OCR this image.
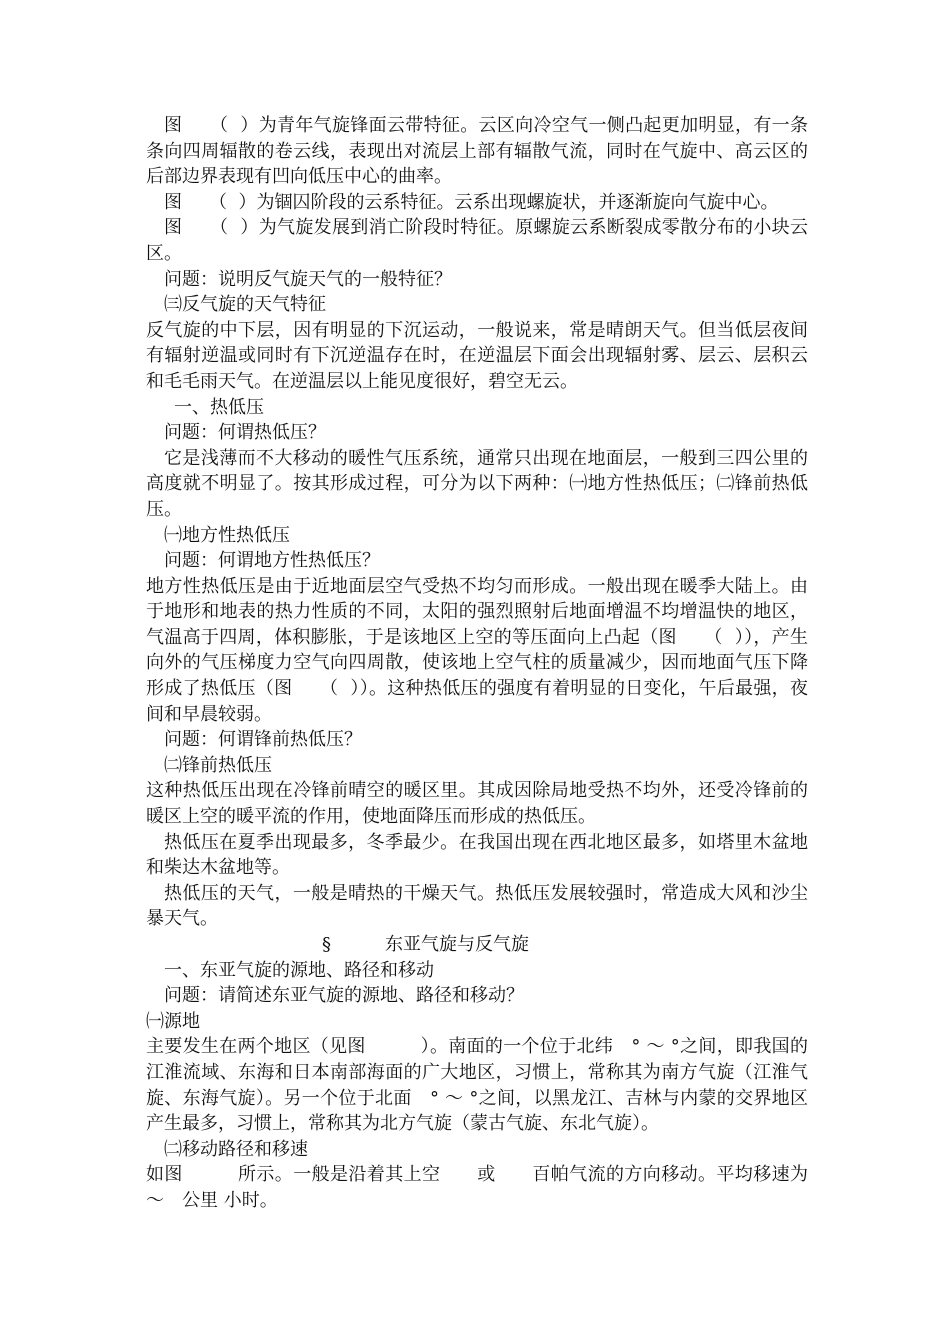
图　　（  ）为青年气旋锋面云带特征。云区向冷空气一侧凸起更加明显，有一条条向四周辐散的卷云线，表现出对流层上部有辐散气流，同时在气旋中、高云区的后部边界表现有凹向低压中心的曲率。

图　　（  ）为锢囚阶段的云系特征。云系出现螺旋状，并逐渐旋向气旋中心。

图　　（  ）为气旋发展到消亡阶段时特征。原螺旋云系断裂成零散分布的小块云区。

问题：说明反气旋天气的一般特征？

㈢反气旋的天气特征

反气旋的中下层，因有明显的下沉运动，一般说来，常是晴朗天气。但当低层夜间有辐射逆温或同时有下沉逆温存在时，在逆温层下面会出现辐射雾、层云、层积云和毛毛雨天气。在逆温层以上能见度很好，碧空无云。

一、热低压

问题：何谓热低压？

它是浅薄而不大移动的暖性气压系统，通常只出现在地面层，一般到三四公里的高度就不明显了。按其形成过程，可分为以下两种：㈠地方性热低压；㈡锋前热低压。

㈠地方性热低压

问题：何谓地方性热低压？

地方性热低压是由于近地面层空气受热不均匀而形成。一般出现在暖季大陆上。由于地形和地表的热力性质的不同，太阳的强烈照射后地面增温不均增温快的地区，气温高于四周，体积膨胀，于是该地区上空的等压面向上凸起（图　　（  ）），产生向外的气压梯度力空气向四周散，使该地上空气柱的质量减少，因而地面气压下降形成了热低压（图　　（  ））。这种热低压的强度有着明显的日变化，午后最强，夜间和早晨较弱。

问题：何谓锋前热低压？

㈡锋前热低压

这种热低压出现在冷锋前晴空的暖区里。其成因除局地受热不均外，还受冷锋前的暖区上空的暖平流的作用，使地面降压而形成的热低压。

热低压在夏季出现最多，冬季最少。在我国出现在西北地区最多，如塔里木盆地和柴达木盆地等。

热低压的天气，一般是晴热的干燥天气。热低压发展较强时，常造成大风和沙尘暴天气。

§　　　东亚气旋与反气旋

一、东亚气旋的源地、路径和移动

问题：请简述东亚气旋的源地、路径和移动？

㈠源地

主要发生在两个地区（见图　　　）。南面的一个位于北纬　° ～ °之间，即我国的江淮流域、东海和日本南部海面的广大地区，习惯上，常称其为南方气旋（江淮气旋、东海气旋）。另一个位于北面　° ～ °之间，以黑龙江、吉林与内蒙的交界地区产生最多，习惯上，常称其为北方气旋（蒙古气旋、东北气旋）。

㈡移动路径和移速

如图　　　所示。一般是沿着其上空　　或　　百帕气流的方向移动。平均移速为　～　公里 小时。
